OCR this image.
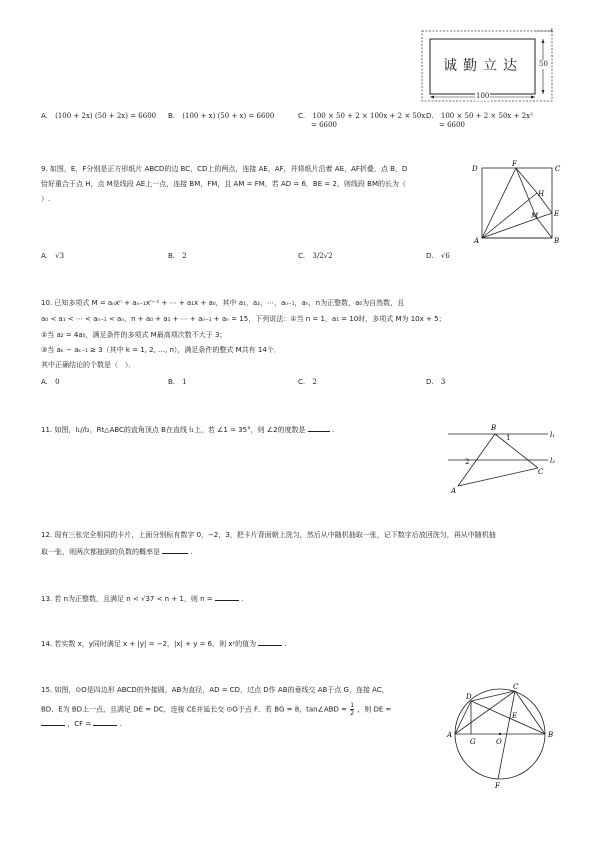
诚勤立达
x
50
100
A. (100 + 2x) (50 + 2x) = 6600 B. (100 + x) (50 + x) = 6600	C. 100 × 50 + 2 × 100x + 2 × 50x
= 6600
D. 100 × 50 + 2 × 50x + 2x²
= 6600
9. 如图，E，F分别是正方形纸片 ABCD的边 BC，CD上的两点，连接 AE，AF，并将纸片沿着 AE，AF折叠，点 B，D
恰好重合于点 H，点 M是线段 AE上一点，连接 BM，FM，且 AM = FM，若 AD = 6，BE = 2，则线段 BM的长为（
）.
D
F
C
H
M E
A	B
A. √3	B. 2	C. 3/2√2	D. √6
10. 已知多项式 M = aₙxⁿ + aₙ₋₁xⁿ⁻¹ + ⋯ + a₁x + a₀，其中 a₁，a₂，⋯，aₙ₋₁，aₙ，n为正整数，a₀为自然数，且
a₀ < a₁ < ⋯ < aₙ₋₁ < aₙ，n + a₀ + a₁ + ⋯ + aₙ₋₁ + aₙ = 15，下列说法：①当 n = 1，a₁ = 10时，多项式 M为 10x + 5；
②当 a₂ = 4a₀，满足条件的多项式 M最高项次数不大于 3；
③当 aₖ − aₖ₋₁ ≥ 3（其中 k = 1, 2, …, n），满足条件的整式 M共有 14个．
其中正确结论的个数是（　）．
A. 0	B. 1	C. 2	D. 3
11. 如图，l₁//l₂，Rt△ABC的直角顶点 B在直线 l₁上，若 ∠1 = 35°，则 ∠2的度数是	.	B
1	l₁
2	l₂
C
A
12. 现有三张完全相同的卡片，上面分别标有数字 0，−2，3，把卡片背面朝上洗匀，然后从中随机抽取一张，记下数字后放回洗匀，再从中随机抽
取一张，则两次都抽到的负数的概率是	.
13. 若 n为正整数，且满足 n < √37 < n + 1，则 n =	.
14. 若实数 x，y同时满足 x + |y| = −2，|x| + y = 6，则 xʸ的值为	.
15. 如图，⊙O是四边形 ABCD的外接圆，AB为直径，AD = CD，过点 D作 AB的垂线交 AB于点 G，连接 AC，
BD．E为 BD上一点，且满足 DE = DC，连接 CE并延长交 ⊙O于点 F．若 BG = 8，tan∠ABD = $\frac{1}{2}$ ，则 DE =
，CF =	.
D
C
E
A
G	O
B
F
